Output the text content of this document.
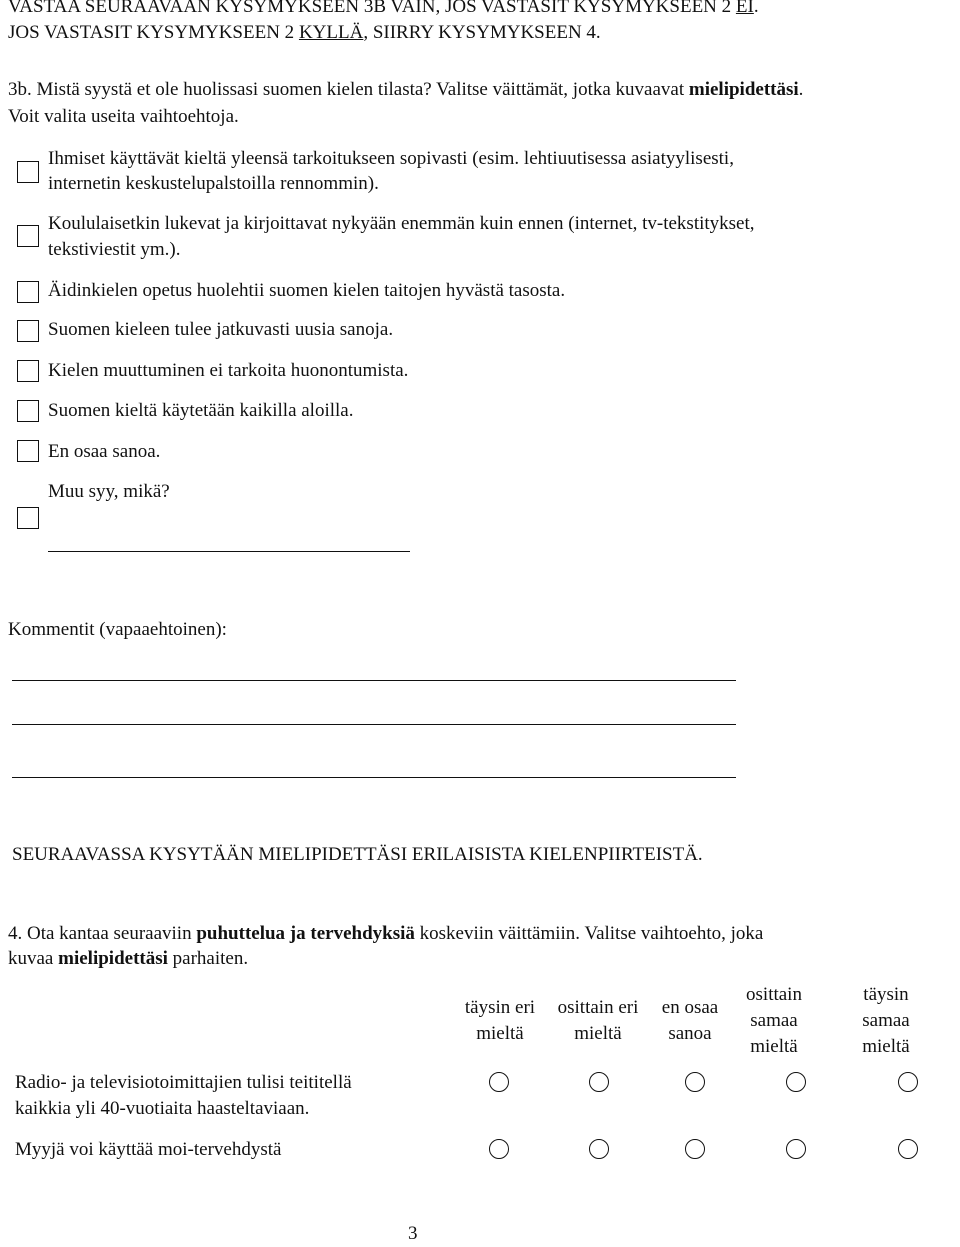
VASTAA SEURAAVAAN KYSYMYKSEEN 3B VAIN, JOS VASTASIT KYSYMYKSEEN 2 EI.
JOS VASTASIT KYSYMYKSEEN 2 KYLLÄ, SIIRRY KYSYMYKSEEN 4.
3b. Mistä syystä et ole huolissasi suomen kielen tilasta? Valitse väittämät, jotka kuvaavat mielipidettäsi.
Voit valita useita vaihtoehtoja.
Ihmiset käyttävät kieltä yleensä tarkoitukseen sopivasti (esim. lehtiuutisessa asiatyylisesti,
internetin keskustelupalstoilla rennommin).
Koululaisetkin lukevat ja kirjoittavat nykyään enemmän kuin ennen (internet, tv-tekstitykset,
tekstiviestit ym.).
Äidinkielen opetus huolehtii suomen kielen taitojen hyvästä tasosta.
Suomen kieleen tulee jatkuvasti uusia sanoja.
Kielen muuttuminen ei tarkoita huonontumista.
Suomen kieltä käytetään kaikilla aloilla.
En osaa sanoa.
Muu syy, mikä?
Kommentit (vapaaehtoinen):
SEURAAVASSA KYSYTÄÄN MIELIPIDETTÄSI ERILAISISTA KIELENPIIRTEISTÄ.
4. Ota kantaa seuraaviin puhuttelua ja tervehdyksiä koskeviin väittämiin. Valitse vaihtoehto, joka
kuvaa mielipidettäsi parhaiten.
täysin eri
mieltä
osittain eri
mieltä
en osaa
sanoa
osittain
samaa
mieltä
täysin
samaa
mieltä
Radio- ja televisiotoimittajien tulisi teititellä
kaikkia yli 40-vuotiaita haasteltaviaan.
Myyjä voi käyttää moi-tervehdystä
3
